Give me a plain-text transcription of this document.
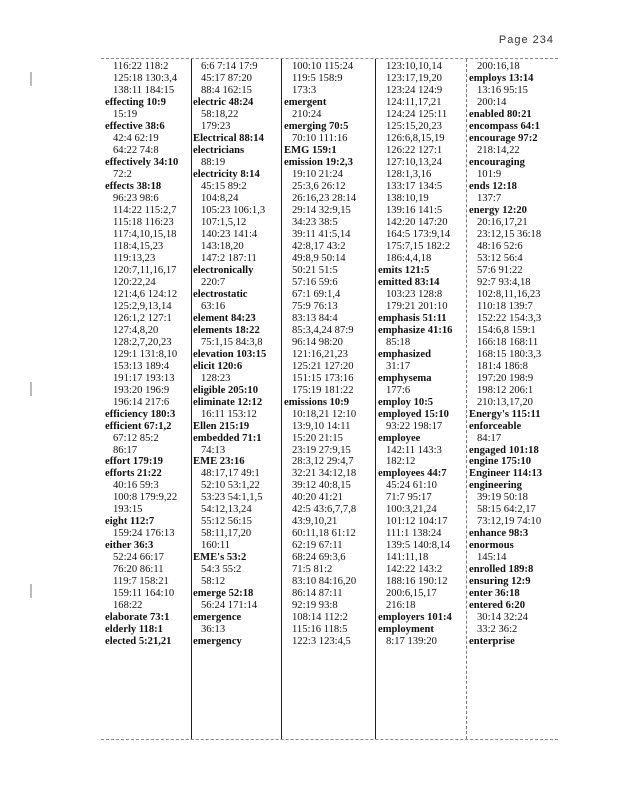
Page 234

116:22 118:2

125:18 130:3,4

138:11 184:15

effecting 10:9

15:19

effective 38:6

42:4 62:19

64:22 74:8

effectively 34:10

72:2

effects 38:18

96:23 98:6

114:22 115:2,7

115:18 116:23

117:4,10,15,18

118:4,15,23

119:13,23

120:7,11,16,17

120:22,24

121:4,6 124:12

125:2,9,13,14

126:1,2 127:1

127:4,8,20

128:2,7,20,23

129:1 131:8,10

153:13 189:4

191:17 193:13

193:20 196:9

196:14 217:6

efficiency 180:3

efficient 67:1,2

67:12 85:2

86:17

effort 179:19

efforts 21:22

40:16 59:3

100:8 179:9,22

193:15

eight 112:7

159:24 176:13

either 36:3

52:24 66:17

76:20 86:11

119:7 158:21

159:11 164:10

168:22

elaborate 73:1

elderly 118:1

elected 5:21,21

6:6 7:14 17:9

45:17 87:20

88:4 162:15

electric 48:24

58:18,22

179:23

Electrical 88:14

electricians

88:19

electricity 8:14

45:15 89:2

104:8,24

105:23 106:1,3

107:1,5,12

140:23 141:4

143:18,20

147:2 187:11

electronically

220:7

electrostatic

63:16

element 84:23

elements 18:22

75:1,15 84:3,8

elevation 103:15

elicit 120:6

128:23

eligible 205:10

eliminate 12:12

16:11 153:12

Ellen 215:19

embedded 71:1

74:13

EME 23:16

48:17,17 49:1

52:10 53:1,22

53:23 54:1,1,5

54:12,13,24

55:12 56:15

58:11,17,20

160:11

EME's 53:2

54:3 55:2

58:12

emerge 52:18

56:24 171:14

emergence

36:13

emergency

100:10 115:24

119:5 158:9

173:3

emergent

210:24

emerging 70:5

70:10 111:16

EMG 159:1

emission 19:2,3

19:10 21:24

25:3,6 26:12

26:16,23 28:14

29:14 32:9,15

34:23 38:5

39:11 41:5,14

42:8,17 43:2

49:8,9 50:14

50:21 51:5

57:16 59:6

67:1 69:1,4

75:9 76:13

83:13 84:4

85:3,4,24 87:9

96:14 98:20

121:16,21,23

125:21 127:20

151:15 173:16

175:19 181:22

emissions 10:9

10:18,21 12:10

13:9,10 14:11

15:20 21:15

23:19 27:9,15

28:3,12 29:4,7

32:21 34:12,18

39:12 40:8,15

40:20 41:21

42:5 43:6,7,7,8

43:9,10,21

60:11,18 61:12

62:19 67:11

68:24 69:3,6

71:5 81:2

83:10 84:16,20

86:14 87:11

92:19 93:8

108:14 112:2

115:16 118:5

122:3 123:4,5

123:10,10,14

123:17,19,20

123:24 124:9

124:11,17,21

124:24 125:11

125:15,20,23

126:6,8,15,19

126:22 127:1

127:10,13,24

128:1,3,16

133:17 134:5

138:10,19

139:16 141:5

142:20 147:20

164:5 173:9,14

175:7,15 182:2

186:4,4,18

emits 121:5

emitted 83:14

103:23 128:8

179:21 201:10

emphasis 51:11

emphasize 41:16

85:18

emphasized

31:17

emphysema

177:6

employ 10:5

employed 15:10

93:22 198:17

employee

142:11 143:3

182:12

employees 44:7

45:24 61:10

71:7 95:17

100:3,21,24

101:12 104:17

111:1 138:24

139:5 140:8,14

141:11,18

142:22 143:2

188:16 190:12

200:6,15,17

216:18

employers 101:4

employment

8:17 139:20

200:16,18

employs 13:14

13:16 95:15

200:14

enabled 80:21

encompass 64:1

encourage 97:2

218:14,22

encouraging

101:9

ends 12:18

137:7

energy 12:20

20:16,17,21

23:12,15 36:18

48:16 52:6

53:12 56:4

57:6 91:22

92:7 93:4,18

102:8,11,16,23

110:18 139:7

152:22 154:3,3

154:6,8 159:1

166:18 168:11

168:15 180:3,3

181:4 186:8

197:20 198:9

198:12 206:1

210:13,17,20

Energy's 115:11

enforceable

84:17

engaged 101:18

engine 175:10

Engineer 114:13

engineering

39:19 50:18

58:15 64:2,17

73:12,19 74:10

enhance 98:3

enormous

145:14

enrolled 189:8

ensuring 12:9

enter 36:18

entered 6:20

30:14 32:24

33:2 36:2

enterprise
